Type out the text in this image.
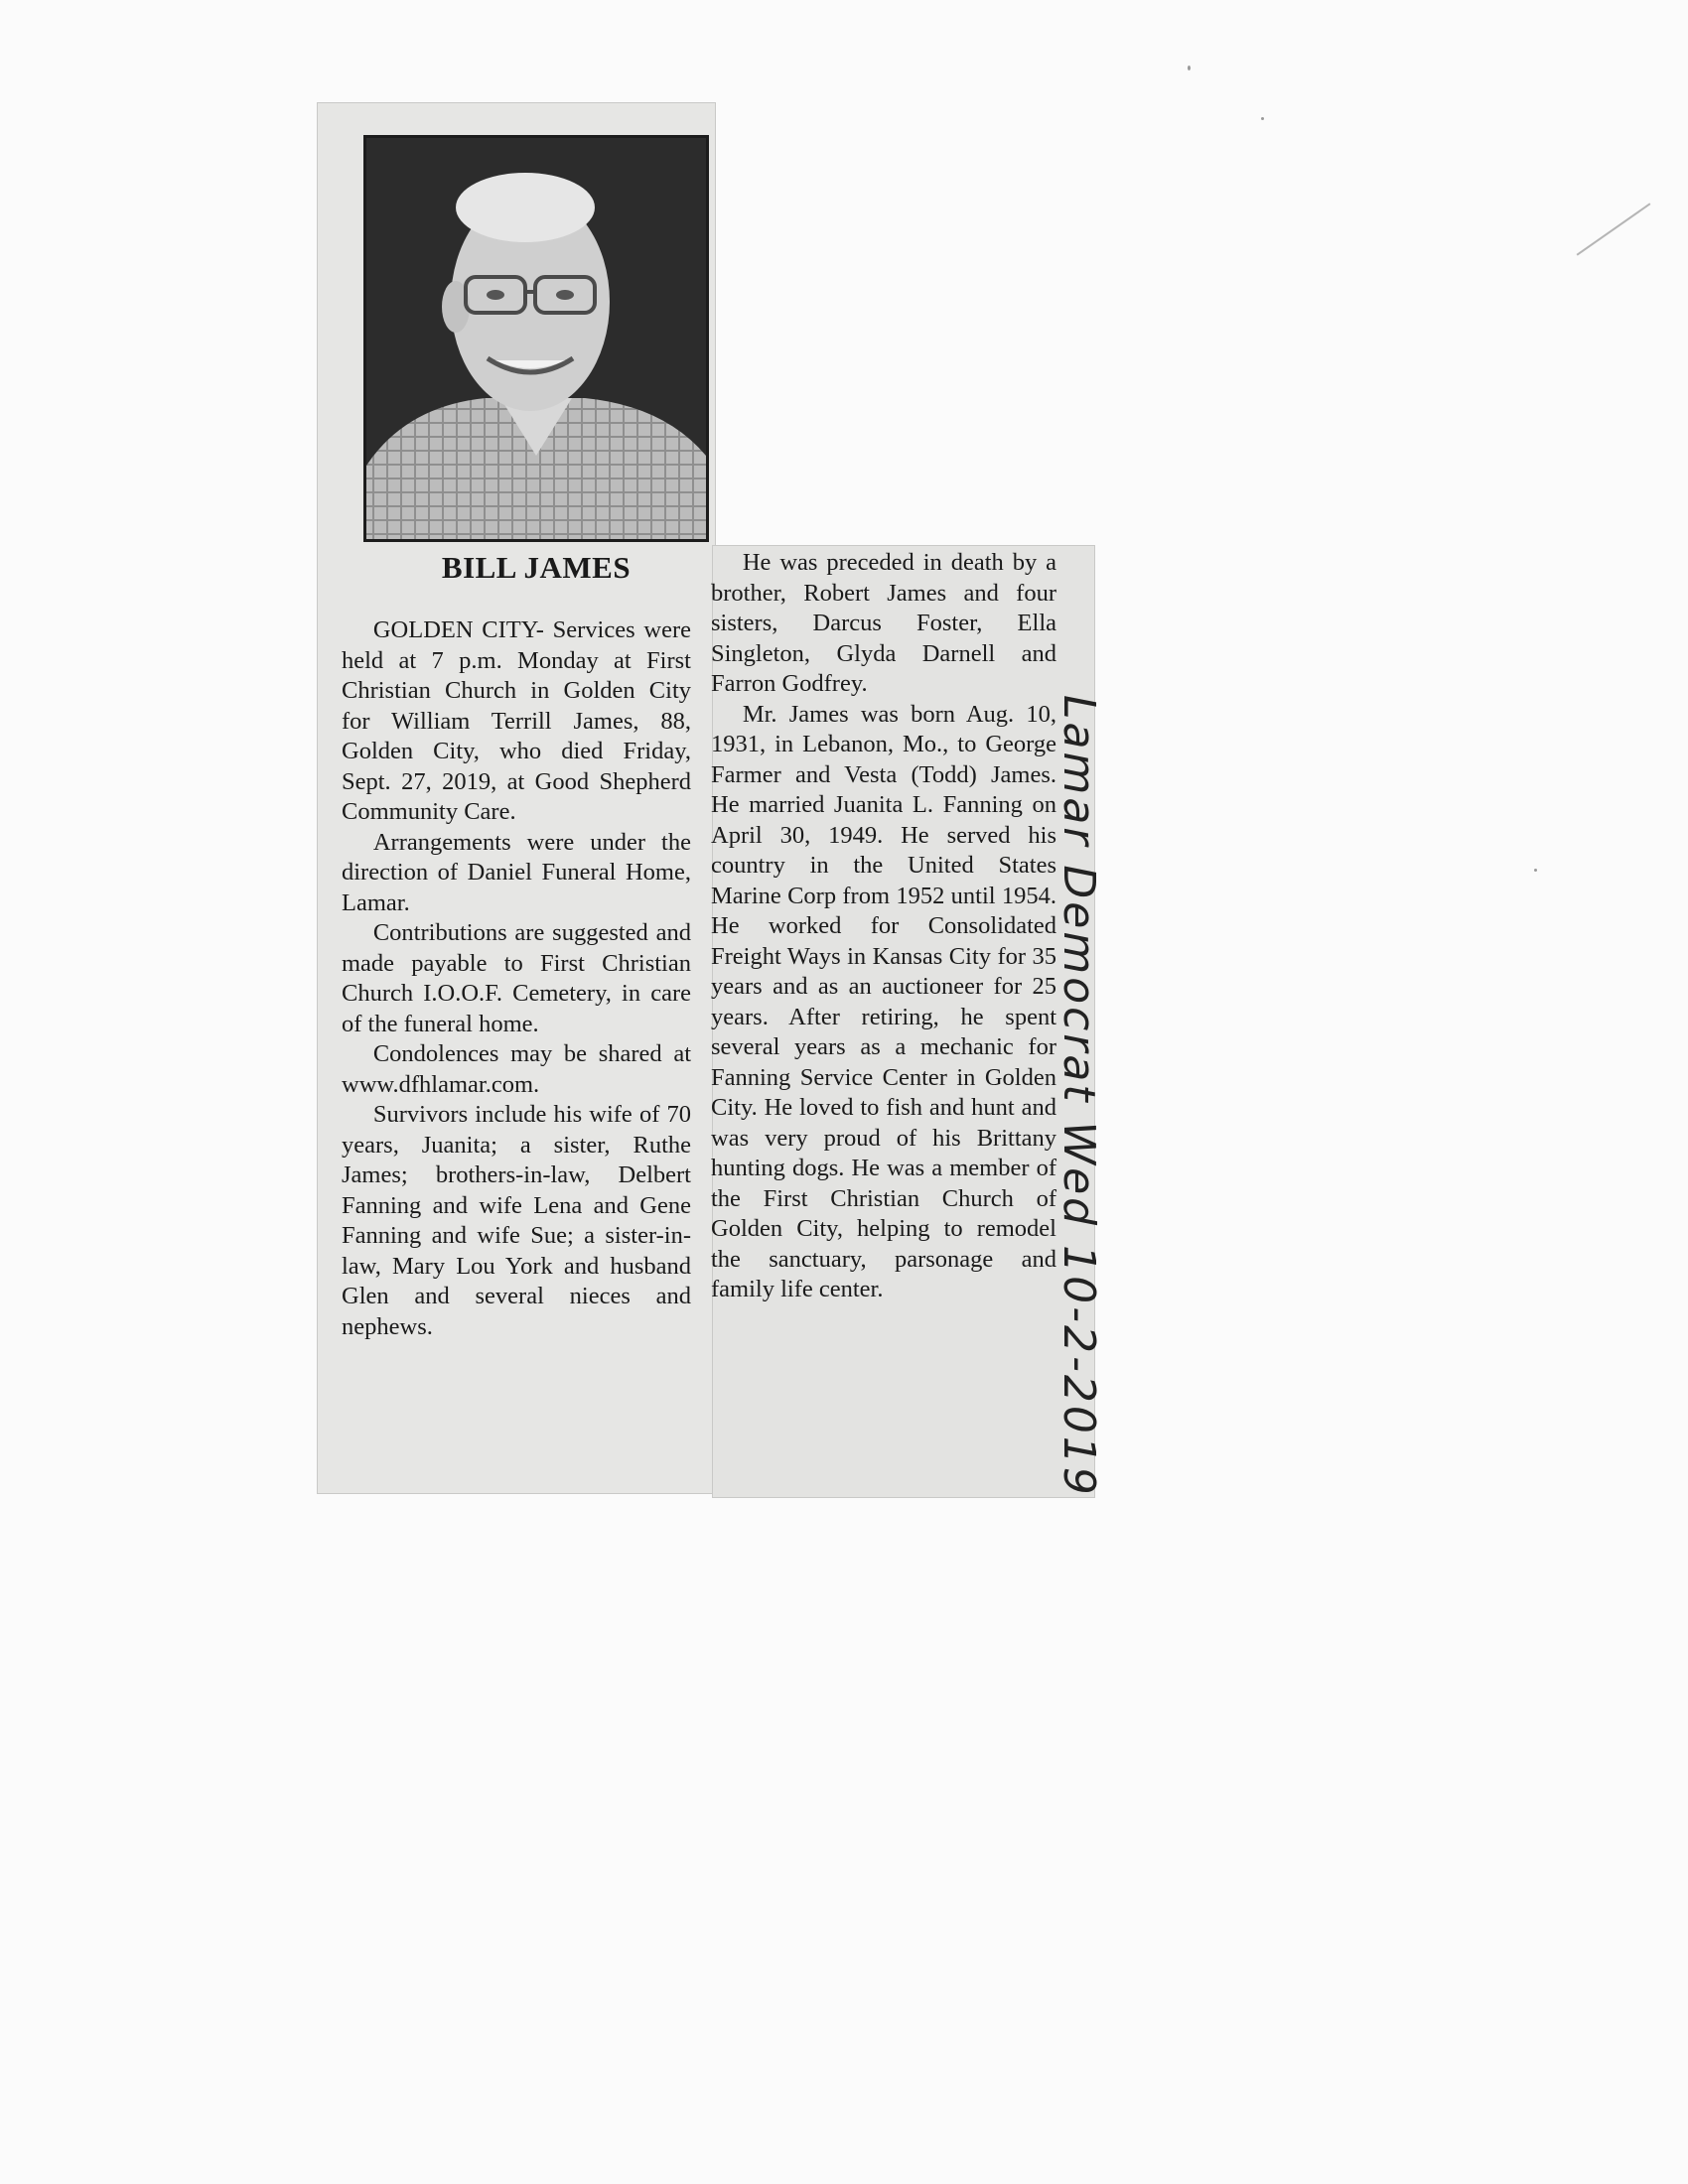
BILL JAMES

GOLDEN CITY- Services were held at 7 p.m. Monday at First Christian Church in Golden City for William Terrill James, 88, Golden City, who died Friday, Sept. 27, 2019, at Good Shepherd Community Care.

Arrangements were under the direction of Daniel Funeral Home, Lamar.

Contributions are suggested and made payable to First Christian Church I.O.O.F. Cemetery, in care of the funeral home.

Condolences may be shared at www.dfhlamar.com.

Survivors include his wife of 70 years, Juanita; a sister, Ruthe James; brothers-in-law, Delbert Fanning and wife Lena and Gene Fanning and wife Sue; a sister-in-law, Mary Lou York and husband Glen and several nieces and nephews.

He was preceded in death by a brother, Robert James and four sisters, Darcus Foster, Ella Singleton, Glyda Darnell and Farron Godfrey.

Mr. James was born Aug. 10, 1931, in Lebanon, Mo., to George Farmer and Vesta (Todd) James. He married Juanita L. Fanning on April 30, 1949. He served his country in the United States Marine Corp from 1952 until 1954. He worked for Consolidated Freight Ways in Kansas City for 35 years and as an auctioneer for 25 years. After retiring, he spent several years as a mechanic for Fanning Service Center in Golden City. He loved to fish and hunt and was very proud of his Brittany hunting dogs. He was a member of the First Christian Church of Golden City, helping to remodel the sanctuary, parsonage and family life center.	Lamar Democrat Wed 10-2-2019
